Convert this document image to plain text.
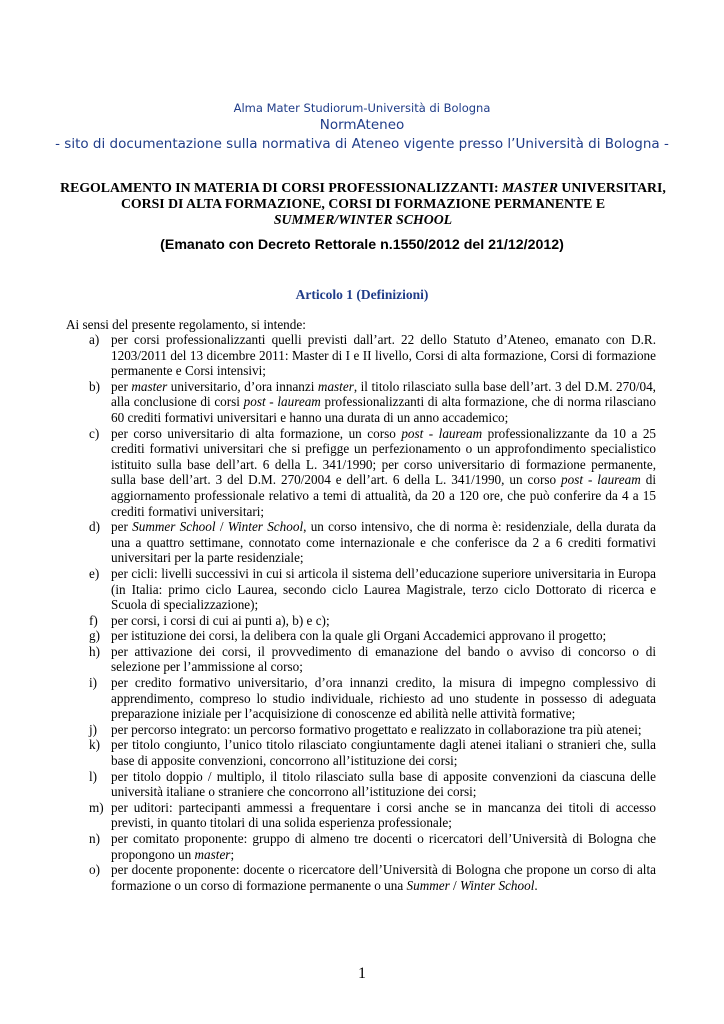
Alma Mater Studiorum-Università di Bologna
NormAteneo
- sito di documentazione sulla normativa di Ateneo vigente presso l’Università di Bologna -
REGOLAMENTO IN MATERIA DI CORSI PROFESSIONALIZZANTI: MASTER UNIVERSITARI, CORSI DI ALTA FORMAZIONE, CORSI DI FORMAZIONE PERMANENTE E SUMMER/WINTER SCHOOL
(Emanato con Decreto Rettorale n.1550/2012 del 21/12/2012)
Articolo 1 (Definizioni)
Ai sensi del presente regolamento, si intende:
a) per corsi professionalizzanti quelli previsti dall’art. 22 dello Statuto d’Ateneo, emanato con D.R. 1203/2011 del 13 dicembre 2011: Master di I e II livello, Corsi di alta formazione, Corsi di formazione permanente e Corsi intensivi;
b) per master universitario, d’ora innanzi master, il titolo rilasciato sulla base dell’art. 3 del D.M. 270/04, alla conclusione di corsi post - lauream professionalizzanti di alta formazione, che di norma rilasciano 60 crediti formativi universitari e hanno una durata di un anno accademico;
c) per corso universitario di alta formazione, un corso post - lauream professionalizzante da 10 a 25 crediti formativi universitari che si prefigge un perfezionamento o un approfondimento specialistico istituito sulla base dell’art. 6 della L. 341/1990; per corso universitario di formazione permanente, sulla base dell’art. 3 del D.M. 270/2004 e dell’art. 6 della L. 341/1990, un corso post - lauream di aggiornamento professionale relativo a temi di attualità, da 20 a 120 ore, che può conferire da 4 a 15 crediti formativi universitari;
d) per Summer School / Winter School, un corso intensivo, che di norma è: residenziale, della durata da una a quattro settimane, connotato come internazionale e che conferisce da 2 a 6 crediti formativi universitari per la parte residenziale;
e) per cicli: livelli successivi in cui si articola il sistema dell’educazione superiore universitaria in Europa (in Italia: primo ciclo Laurea, secondo ciclo Laurea Magistrale, terzo ciclo Dottorato di ricerca e Scuola di specializzazione);
f) per corsi, i corsi di cui ai punti a), b) e c);
g) per istituzione dei corsi, la delibera con la quale gli Organi Accademici approvano il progetto;
h) per attivazione dei corsi, il provvedimento di emanazione del bando o avviso di concorso o di selezione per l’ammissione al corso;
i) per credito formativo universitario, d’ora innanzi credito, la misura di impegno complessivo di apprendimento, compreso lo studio individuale, richiesto ad uno studente in possesso di adeguata preparazione iniziale per l’acquisizione di conoscenze ed abilità nelle attività formative;
j) per percorso integrato: un percorso formativo progettato e realizzato in collaborazione tra più atenei;
k) per titolo congiunto, l’unico titolo rilasciato congiuntamente dagli atenei italiani o stranieri che, sulla base di apposite convenzioni, concorrono all’istituzione dei corsi;
l) per titolo doppio / multiplo, il titolo rilasciato sulla base di apposite convenzioni da ciascuna delle università italiane o straniere che concorrono all’istituzione dei corsi;
m) per uditori: partecipanti ammessi a frequentare i corsi anche se in mancanza dei titoli di accesso previsti, in quanto titolari di una solida esperienza professionale;
n) per comitato proponente: gruppo di almeno tre docenti o ricercatori dell’Università di Bologna che propongono un master;
o) per docente proponente: docente o ricercatore dell’Università di Bologna che propone un corso di alta formazione o un corso di formazione permanente o una Summer / Winter School.
1
